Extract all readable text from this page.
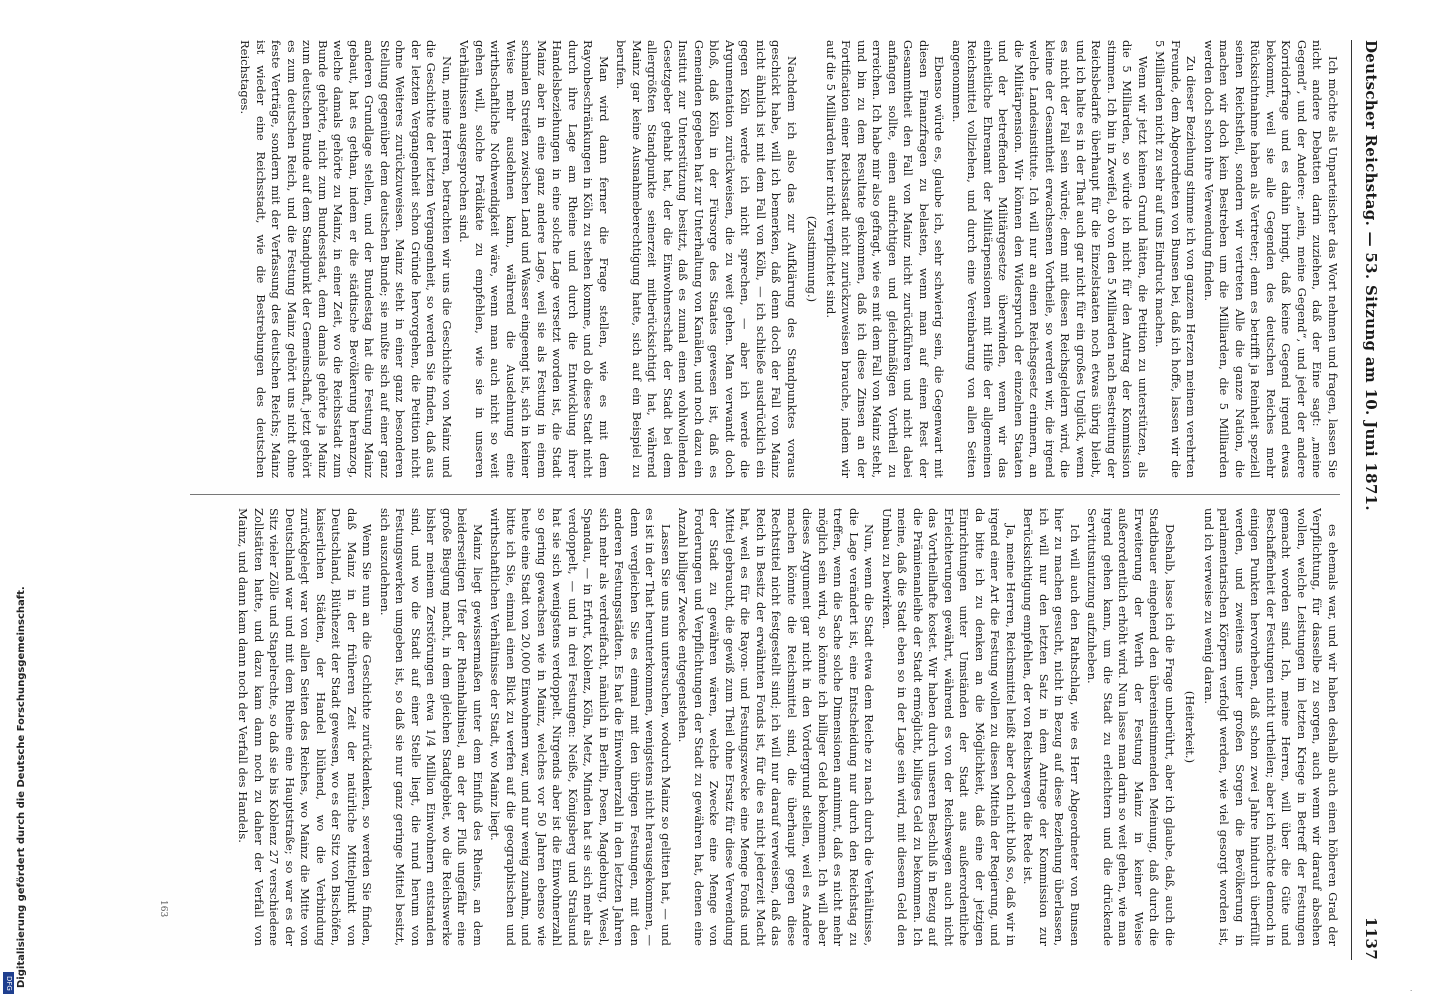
Deutscher Reichstag. — 53. Sitzung am 10. Juni 1871.
1137

Ich möchte als Unparteiischer das Wort nehmen und fragen, lassen Sie nicht andere Debatten darin zuziehen, daß der Eine sagt: „meine Gegend“, und der Andere: „nein, meine Gegend“, und jeder der andere Korridorfrage und es dahin bringt, daß keine Gegend irgend etwas bekommt, weil sie alle Gegenden des deutschen Reiches mehr Rücksichtnahme haben als Vertreter; denn es betrifft ja Reinheit speziell seinen Reichstheil, sondern wir vertreten Alle die ganze Nation, die machen wir doch kein Bestreben um die Milliarden, die 5 Milliarden werden doch schon ihre Verwendung finden.

Zu dieser Beziehung stimme ich von ganzem Herzen meinem verehrten Freunde, dem Abgeordneten von Bunsen bei, daß ich hoffe, lassen wir die 5 Milliarden nicht zu sehr auf uns Eindruck machen.

Wenn wir jetzt keinen Grund hätten, die Petition zu unterstützen, als die 5 Milliarden, so würde ich nicht für den Antrag der Kommission stimmen. Ich bin in Zweifel, ob von den 5 Milliarden nach Bestreitung der Reichsbedarfe überhaupt für die Einzelstaaten noch etwas übrig bleibt, und ich halte es in der That auch gar nicht für ein großes Unglück, wenn es nicht der Fall sein würde; denn mit diesen Reichsgeldern wird, die kleine der Gesamtheit erwachsenen Vortheile, so werden wir, die irgend welche Landesinstitute. Ich will nur an einen Reichsgesetz erinnern, an die Militärpension. Wir können den Widerspruch der einzelnen Staaten und der betreffenden Militärgesetze überwinden, wenn wir das einheitliche Ehrenamt der Militärpensionen mit Hilfe der allgemeinen Reichsmittel vollziehen, und durch eine Vereinbarung von allen Seiten angenommen.

Ebenso würde es, glaube ich, sehr schwierig sein, die Gegenwart mit diesen Finanzfragen zu belasten, wenn man auf einen Rest der Gesammtheit den Fall von Mainz nicht zurückführen und nicht dabei anfangen sollte, einen aufrichtigen und gleichmäßigen Vortheil zu erreichen. Ich habe mir also gefragt, wie es mit dem Fall von Mainz steht, und bin zu dem Resultate gekommen, daß ich diese Zinsen an der Fortification einer Reichsstadt nicht zurückzuweisen brauche, indem wir auf die 5 Milliarden hier nicht verpflichtet sind.

(Zustimmung.)

Nachdem ich also das zur Aufklärung des Standpunktes voraus geschickt habe, will ich bemerken, daß denn doch der Fall von Mainz nicht ähnlich ist mit dem Fall von Köln, — ich schließe ausdrücklich ein gegen Köln werde ich nicht sprechen, — aber ich werde die Argumentation zurückweisen, die zu weit gehen. Man verwandt doch bloß, daß Köln in der Fürsorge des Staates gewesen ist, daß es Gemeinden gegeben hat zur Unterhaltung von Kanälen, und noch dazu ein Institut zur Unterstützung besitzt, daß es zumal einen wohlwollenden Gesetzgeber gehabt hat, der die Einwohnerschaft der Stadt bei dem allergrößten Standpunkte seinerzeit mitberücksichtigt hat, während Mainz gar keine Ausnahmeberechtigung hatte, sich auf ein Beispiel zu berufen.

Man wird dann ferner die Frage stellen, wie es mit dem Rayonbeschränkungen in Köln zu stehen komme, und ob diese Stadt nicht durch ihre Lage am Rheine und durch die Entwicklung ihrer Handelsbeziehungen in eine solche Lage versetzt worden ist, die Stadt Mainz aber in eine ganz andere Lage, weil sie als Festung in einem schmalen Streifen zwischen Land und Wasser eingeengt ist, sich in keiner Weise mehr ausdehnen kann, während die Ausdehnung eine wirthschaftliche Nothwendigkeit wäre, wenn man auch nicht so weit gehen will, solche Prädikate zu empfehlen, wie sie in unseren Verhältnissen ausgesprochen sind.

Nun, meine Herren, betrachten wir uns die Geschichte von Mainz und die Geschichte der letzten Vergangenheit, so werden Sie finden, daß aus der letzten Vergangenheit schon Gründe hervorgehen, die Petition nicht ohne Weiteres zurückzuweisen. Mainz steht in einer ganz besonderen Stellung gegenüber dem deutschen Bunde; sie mußte sich auf einer ganz anderen Grundlage stellen, und der Bundestag hat die Festung Mainz gebaut, hat es gethan, indem er die städtische Bevölkerung heranzog, welche damals gehörte zu Mainz, in einer Zeit, wo die Reichsstadt zum Bunde gehörte, nicht zum Bundesstaat, denn damals gehörte ja Mainz zum deutschen Bunde auf dem Standpunkt der Gemeinschaft, jetzt gehört es zum deutschen Reich, und die Festung Mainz gehört uns nicht ohne feste Verträge, sondern mit der Verfassung des deutschen Reichs; Mainz ist wieder eine Reichsstadt, wie die Bestrebungen des deutschen Reichstages.

es ehemals war, und wir haben deshalb auch einen höheren Grad der Verpflichtung, für dasselbe zu sorgen, auch wenn wir darauf absehen wollen, welche Leistungen im letzten Kriege in Betreff der Festungen gemacht worden sind. Ich, meine Herren, will über die Güte und Beschaffenheit der Festungen nicht urtheilen; aber ich möchte dennoch in einigen Punkten hervorheben, daß schon zwei Jahre hindurch überfüllt werden, und zweitens unter großen Sorgen die Bevölkerung in parlamentarischen Körpern verfolgt werden, wie viel gesorgt worden ist, und ich verweise zu wenig daran.

(Heiterkeit.)

Deshalb, lasse ich die Frage unberührt, aber ich glaube, daß, auch die Stadtbauer eingehend den übereinstimmenden Meinung, daß durch die Erweiterung der Werth der Festung Mainz in keiner Weise außerordentlich erhöht wird. Nun lasse man darin so weit gehen, wie man irgend gehen kann, um die Stadt zu erleichtern und die drückende Servitutsnutzung aufzuheben.

Ich will auch den Rathschlag, wie es Herr Abgeordneter von Bunsen hier zu machen gesucht, nicht in Bezug auf diese Beziehung überlassen, ich will nur den letzten Satz in dem Antrage der Kommission zur Berücksichtigung empfehlen, der von Reichswegen die Rede ist.

Ja, meine Herren, Reichsmittel heißt aber doch nicht bloß so, daß wir in irgend einer Art die Festung wollen zu diesen Mitteln der Regierung, und da bitte ich zu denken an die Möglichkeit, daß eine der jetzigen Einrichtungen unter Umständen der Stadt aus außerordentliche Erleichterungen gewährt, während es von der Reichswegen auch nicht das Vortheilhafte kostet. Wir haben durch unseren Beschluß in Bezug auf die Prämienanleihe der Stadt ermöglicht, billiges Geld zu bekommen. Ich meine, daß die Stadt eben so in der Lage sein wird, mit diesem Geld den Umbau zu bewirken.

Nun, wenn die Stadt etwa dem Reiche zu nach durch die Verhältnisse, die Lage verändert ist, eine Entscheidung nur durch den Reichstag zu treffen, wenn die Sache solche Dimensionen annimmt, daß es nicht mehr möglich sein wird, so könnte ich billiger Geld bekommen. Ich will aber dieses Argument gar nicht in den Vordergrund stellen, weil es Andere machen könnte die Reichsmittel sind, die überhaupt gegen diese Rechtstitel nicht festgestellt sind; ich will nur darauf verweisen, daß das Reich in Besitz der erwähnten Fonds ist, für die es nicht jederzeit Macht hat, weil es für die Rayon- und Festungszwecke eine Menge Fonds und Mittel gebraucht, die gewiß zum Theil ohne Ersatz für diese Verwendung der Stadt zu gewähren wären, welche Zwecke eine Menge von Forderungen und Verpflichtungen der Stadt zu gewähren hat, denen eine Anzahl billiger Zwecke entgegenstehen.

Lassen Sie uns nun untersuchen, wodurch Mainz so gelitten hat, — und es ist in der That herunterkommen, wenigstens nicht herausgekommen, — denn vergleichen Sie es einmal mit den übrigen Festungen, mit den anderen Festungsstädten. Es hat die Einwohnerzahl in den letzten Jahren sich mehr als verdreifacht, nämlich in Berlin, Posen, Magdeburg, Wesel, Spandau, — in Erfurt, Koblenz, Köln, Metz, Minden hat sie sich mehr als verdoppelt, — und in drei Festungen: Neiße, Königsberg und Stralsund hat sie sich wenigstens verdoppelt. Nirgends aber ist die Einwohnerzahl so gering gewachsen wie in Mainz, welches vor 50 Jahren ebenso wie heute eine Stadt von 20,000 Einwohnern war, und nur wenig zunahm, und bitte ich Sie, einmal einen Blick zu werfen auf die geographischen und wirthschaftlichen Verhältnisse der Stadt, wo Mainz liegt.

Mainz liegt gewissermaßen unter dem Einfluß des Rheins, an dem beiderseitigen Ufer der Rheinhalbinsel, an der der Fluß ungefähr eine große Biegung macht, in dem gleichen Stadtgebiet, wo die Reichswerke bisher meinem Zerstörungen etwa 1/4 Million Einwohnern entstanden sind, und wo die Stadt auf einer Stelle liegt, die rund herum von Festungswerken umgeben ist, so daß sie nur ganz geringe Mittel besitzt, sich auszudehnen.

Wenn Sie nun an die Geschichte zurückdenken, so werden Sie finden, daß Mainz in der früheren Zeit der natürliche Mittelpunkt von Deutschland, Blüthezeit der Stadt gewesen, wo es der Sitz von Bischöfen, kaiserlichen Städten, der Handel blühend, wo die Verbindung zurückgelegt war von allen Seiten des Reiches, wo Mainz die Mitte von Deutschland war und mit dem Rheine eine Hauptstraße; so war es der Sitz vieler Zölle und Stapelrechte, so daß sie bis Koblenz 27 verschiedene Zollstätten hatte, und dazu kam dann noch zu daher der Verfall von Mainz, und dann kam dann noch der Verfall des Handels.

163
Digitalisierung gefördert durch die Deutsche Forschungsgemeinschaft.
DFG	.
